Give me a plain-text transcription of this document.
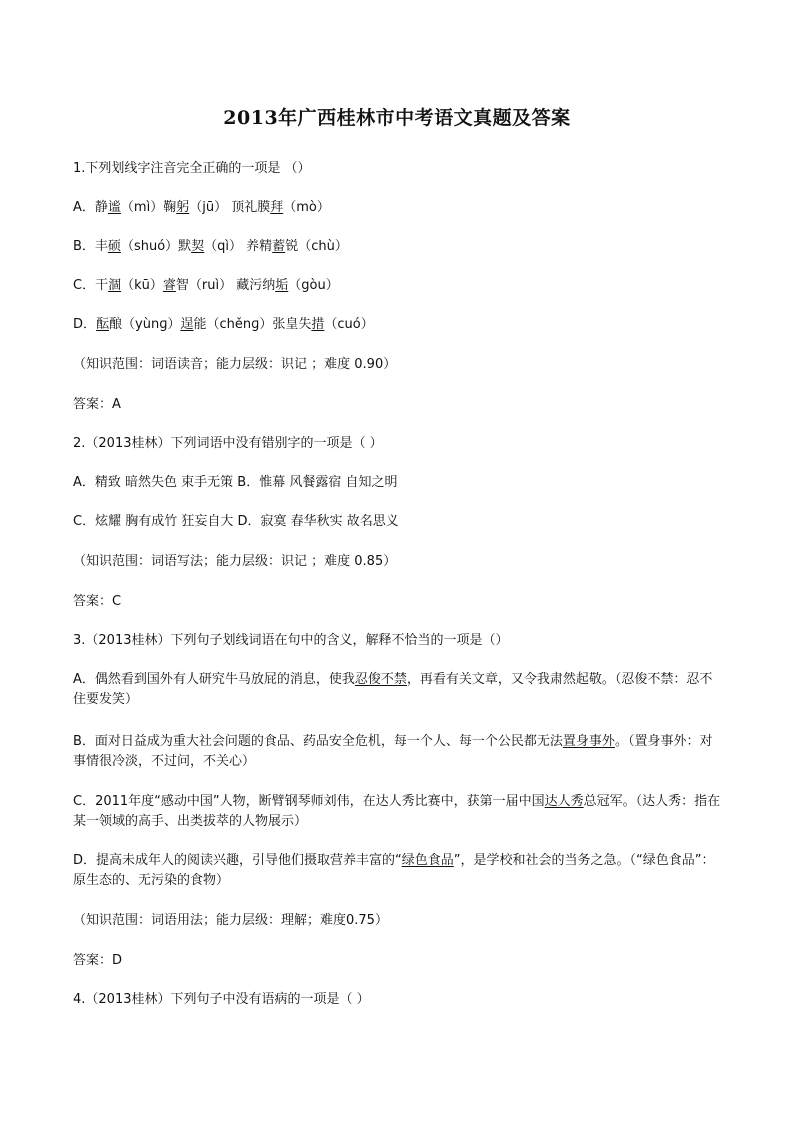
2013年广西桂林市中考语文真题及答案
1.下列划线字注音完全正确的一项是 （）
A．静谧（mì）鞠躬（jū） 顶礼膜拜（mò）
B．丰硕（shuó）默契（qì） 养精蓄锐（chù）
C．干涸（kū）睿智（ruì） 藏污纳垢（gòu）
D．酝酿（yùnɡ）逞能（chěnɡ）张皇失措（cuó）
（知识范围：词语读音；能力层级：识记 ；难度 0.90）
答案：A
2.（2013桂林）下列词语中没有错别字的一项是（ ）
A．精致 暗然失色 束手无策 B．惟幕 风餐露宿 自知之明
C．炫耀 胸有成竹 狂妄自大 D．寂寞 春华秋实 故名思义
（知识范围：词语写法；能力层级：识记 ；难度 0.85）
答案：C
3.（2013桂林）下列句子划线词语在句中的含义，解释不恰当的一项是（）
A．偶然看到国外有人研究牛马放屁的消息，使我忍俊不禁，再看有关文章，又令我肃然起敬。（忍俊不禁：忍不住要发笑）
B．面对日益成为重大社会问题的食品、药品安全危机，每一个人、每一个公民都无法置身事外。（置身事外：对事情很冷淡，不过问，不关心）
C．2011年度“感动中国”人物，断臂钢琴师刘伟，在达人秀比赛中，获第一届中国达人秀总冠军。（达人秀：指在某一领域的高手、出类拔萃的人物展示）
D．提高未成年人的阅读兴趣，引导他们摄取营养丰富的“绿色食品”，是学校和社会的当务之急。（“绿色食品”：原生态的、无污染的食物）
（知识范围：词语用法；能力层级：理解；难度0.75）
答案：D
4.（2013桂林）下列句子中没有语病的一项是（ ）
